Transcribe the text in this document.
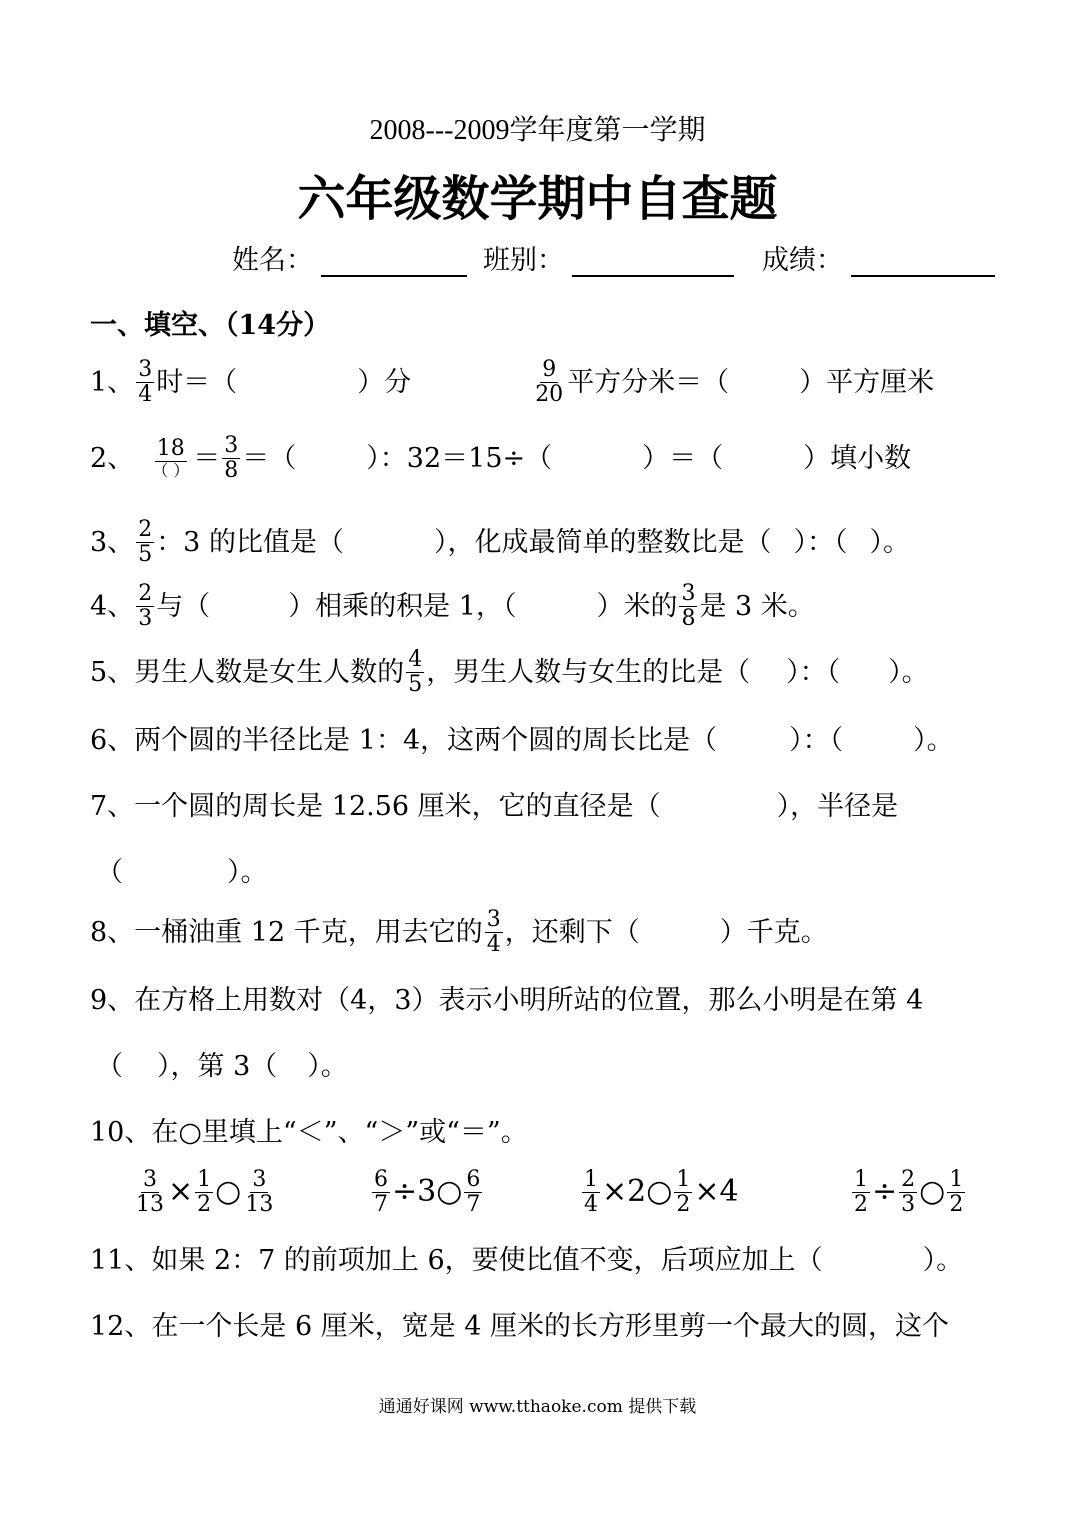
2008---2009学年度第一学期
六年级数学期中自查题
姓名：	班别：	成绩：
一、填空、（14分）
1、 $\frac{3}{4}$ 时＝（	）分	$\frac{9}{20}$ 平方分米＝（	）平方厘米
2、 $\frac{18}{( )} = \frac{3}{8}$ ＝（	）：32＝15÷（	）＝（	）填小数
3、 $\frac{2}{5}$ ：3 的比值是（	），化成最简单的整数比是（ ）：（ ）。
4、 $\frac{2}{3}$ 与（	）相乘的积是 1，（	）米的 $\frac{3}{8}$ 是 3 米。
5、男生人数是女生人数的 $\frac{4}{5}$ ，男生人数与女生的比是（ ）：（ ）。
6、两个圆的半径比是 1：4，这两个圆的周长比是（	）：（	）。
7、一个圆的周长是 12.56 厘米，它的直径是（	），半径是
（	）。
8、一桶油重 12 千克，用去它的 $\frac{3}{4}$ ，还剩下（	）千克。
9、在方格上用数对（4，3）表示小明所站的位置，那么小明是在第 4
（ ），第 3（ ）。
10、在○里填上“＜”、“＞”或“＝”。
$\frac{3}{13} \times \frac{1}{2}$ ○ $\frac{3}{13}$	$\frac{6}{7}$ ÷3○ $\frac{6}{7}$	$\frac{1}{4}$ ×2○ $\frac{1}{2} \times 4$	$\frac{1}{2} \div \frac{2}{3}$ ○ $\frac{1}{2}$
11、如果 2：7 的前项加上 6，要使比值不变，后项应加上（	）。
12、在一个长是 6 厘米，宽是 4 厘米的长方形里剪一个最大的圆，这个
通通好课网 www.tthaoke.com 提供下载
